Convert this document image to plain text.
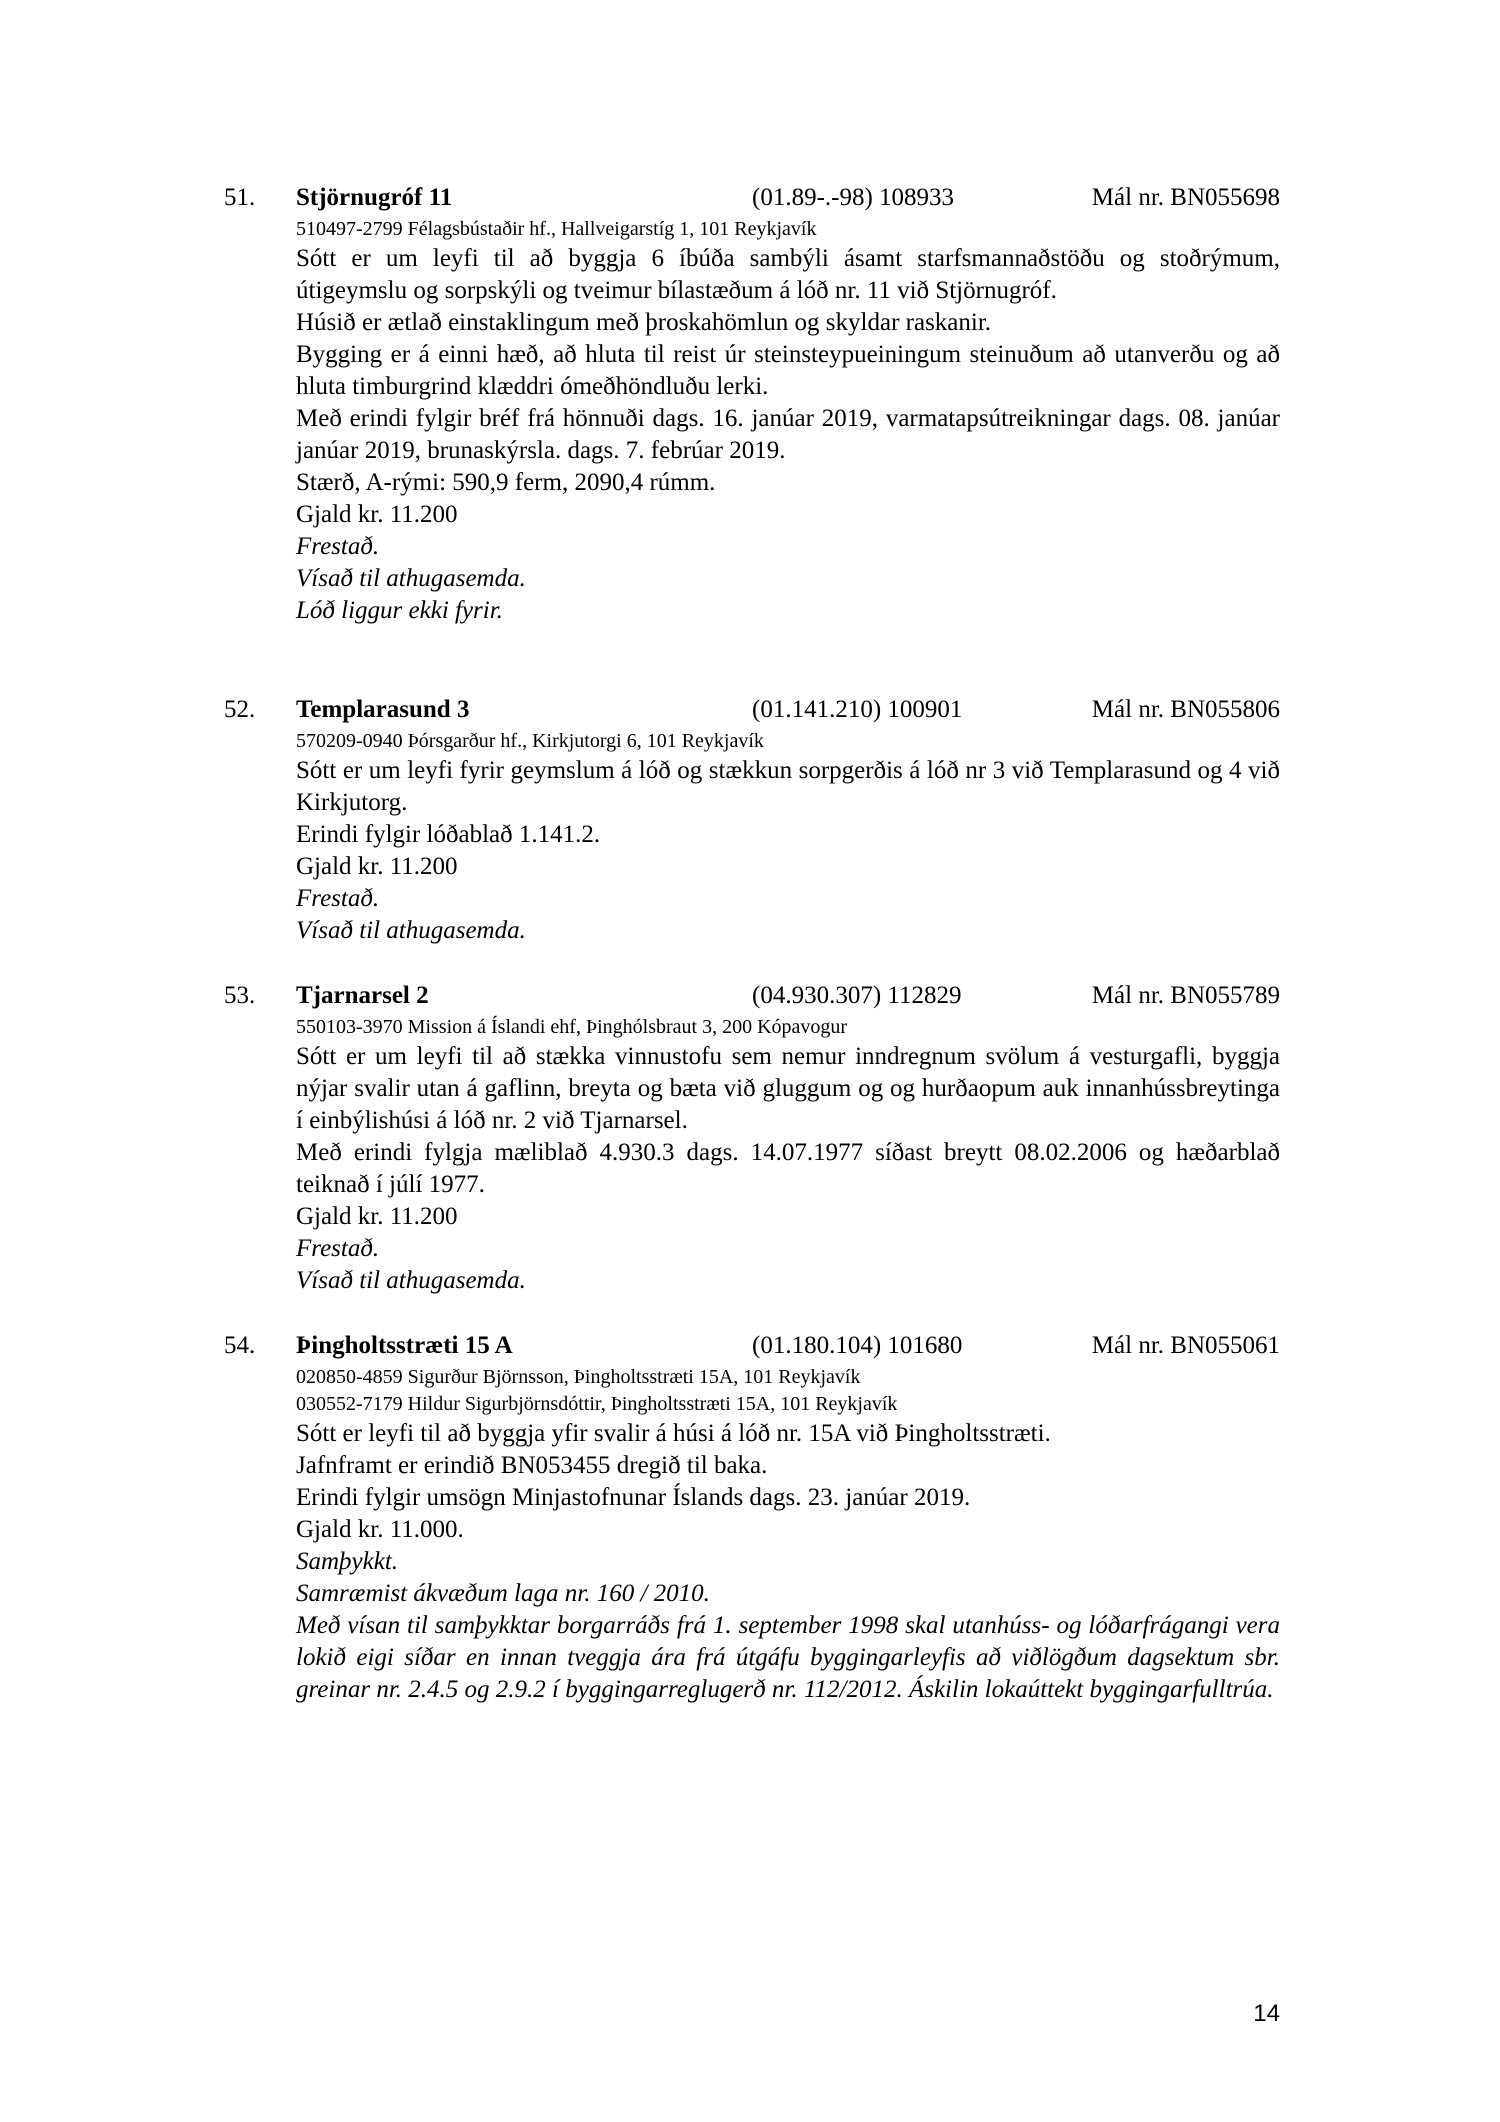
51. Stjörnugróf 11	(01.89-.-98) 108933	Mál nr. BN055698

510497-2799 Félagsbústaðir hf., Hallveigarstíg 1, 101 Reykjavík

Sótt er um leyfi til að byggja 6 íbúða sambýli ásamt starfsmannaðstöðu og stoðrýmum, útigeymslu og sorpskýli og tveimur bílastæðum á lóð nr. 11 við Stjörnugróf.

Húsið er ætlað einstaklingum með þroskahömlun og skyldar raskanir.

Bygging er á einni hæð, að hluta til reist úr steinsteypueiningum steinuðum að utanverðu og að hluta timburgrind klæddri ómeðhöndluðu lerki.

Með erindi fylgir bréf frá hönnuði dags. 16. janúar 2019, varmatapsútreikningar dags. 08. janúar janúar 2019, brunaskýrsla. dags. 7. febrúar 2019.

Stærð, A-rými: 590,9 ferm, 2090,4 rúmm.

Gjald kr. 11.200

Frestað.

Vísað til athugasemda.

Lóð liggur ekki fyrir.

52. Templarasund 3	(01.141.210) 100901	Mál nr. BN055806

570209-0940 Þórsgarður hf., Kirkjutorgi 6, 101 Reykjavík

Sótt er um leyfi fyrir geymslum á lóð og stækkun sorpgerðis á lóð nr 3 við Templarasund og 4 við Kirkjutorg.

Erindi fylgir lóðablað 1.141.2.

Gjald kr. 11.200

Frestað.

Vísað til athugasemda.

53. Tjarnarsel 2	(04.930.307) 112829	Mál nr. BN055789

550103-3970 Mission á Íslandi ehf, Þinghólsbraut 3, 200 Kópavogur

Sótt er um leyfi til að stækka vinnustofu sem nemur inndregnum svölum á vesturgafli, byggja nýjar svalir utan á gaflinn, breyta og bæta við gluggum og og hurðaopum auk innanhússbreytinga í einbýlishúsi á lóð nr. 2 við Tjarnarsel.

Með erindi fylgja mæliblað 4.930.3 dags. 14.07.1977 síðast breytt 08.02.2006 og hæðarblað teiknað í júlí 1977.

Gjald kr. 11.200

Frestað.

Vísað til athugasemda.

54. Þingholtsstræti 15 A	(01.180.104) 101680	Mál nr. BN055061

020850-4859 Sigurður Björnsson, Þingholtsstræti 15A, 101 Reykjavík

030552-7179 Hildur Sigurbjörnsdóttir, Þingholtsstræti 15A, 101 Reykjavík

Sótt er leyfi til að byggja yfir svalir á húsi á lóð nr. 15A við Þingholtsstræti.

Jafnframt er erindið BN053455 dregið til baka.

Erindi fylgir umsögn Minjastofnunar Íslands dags. 23. janúar 2019.

Gjald kr. 11.000.

Samþykkt.

Samræmist ákvæðum laga nr. 160 / 2010.

Með vísan til samþykktar borgarráðs frá 1. september 1998 skal utanhúss- og lóðarfrágangi vera lokið eigi síðar en innan tveggja ára frá útgáfu byggingarleyfis að viðlögðum dagsektum sbr. greinar nr. 2.4.5 og 2.9.2 í byggingarreglugerð nr. 112/2012. Áskilin lokaúttekt byggingarfulltrúa.

14
